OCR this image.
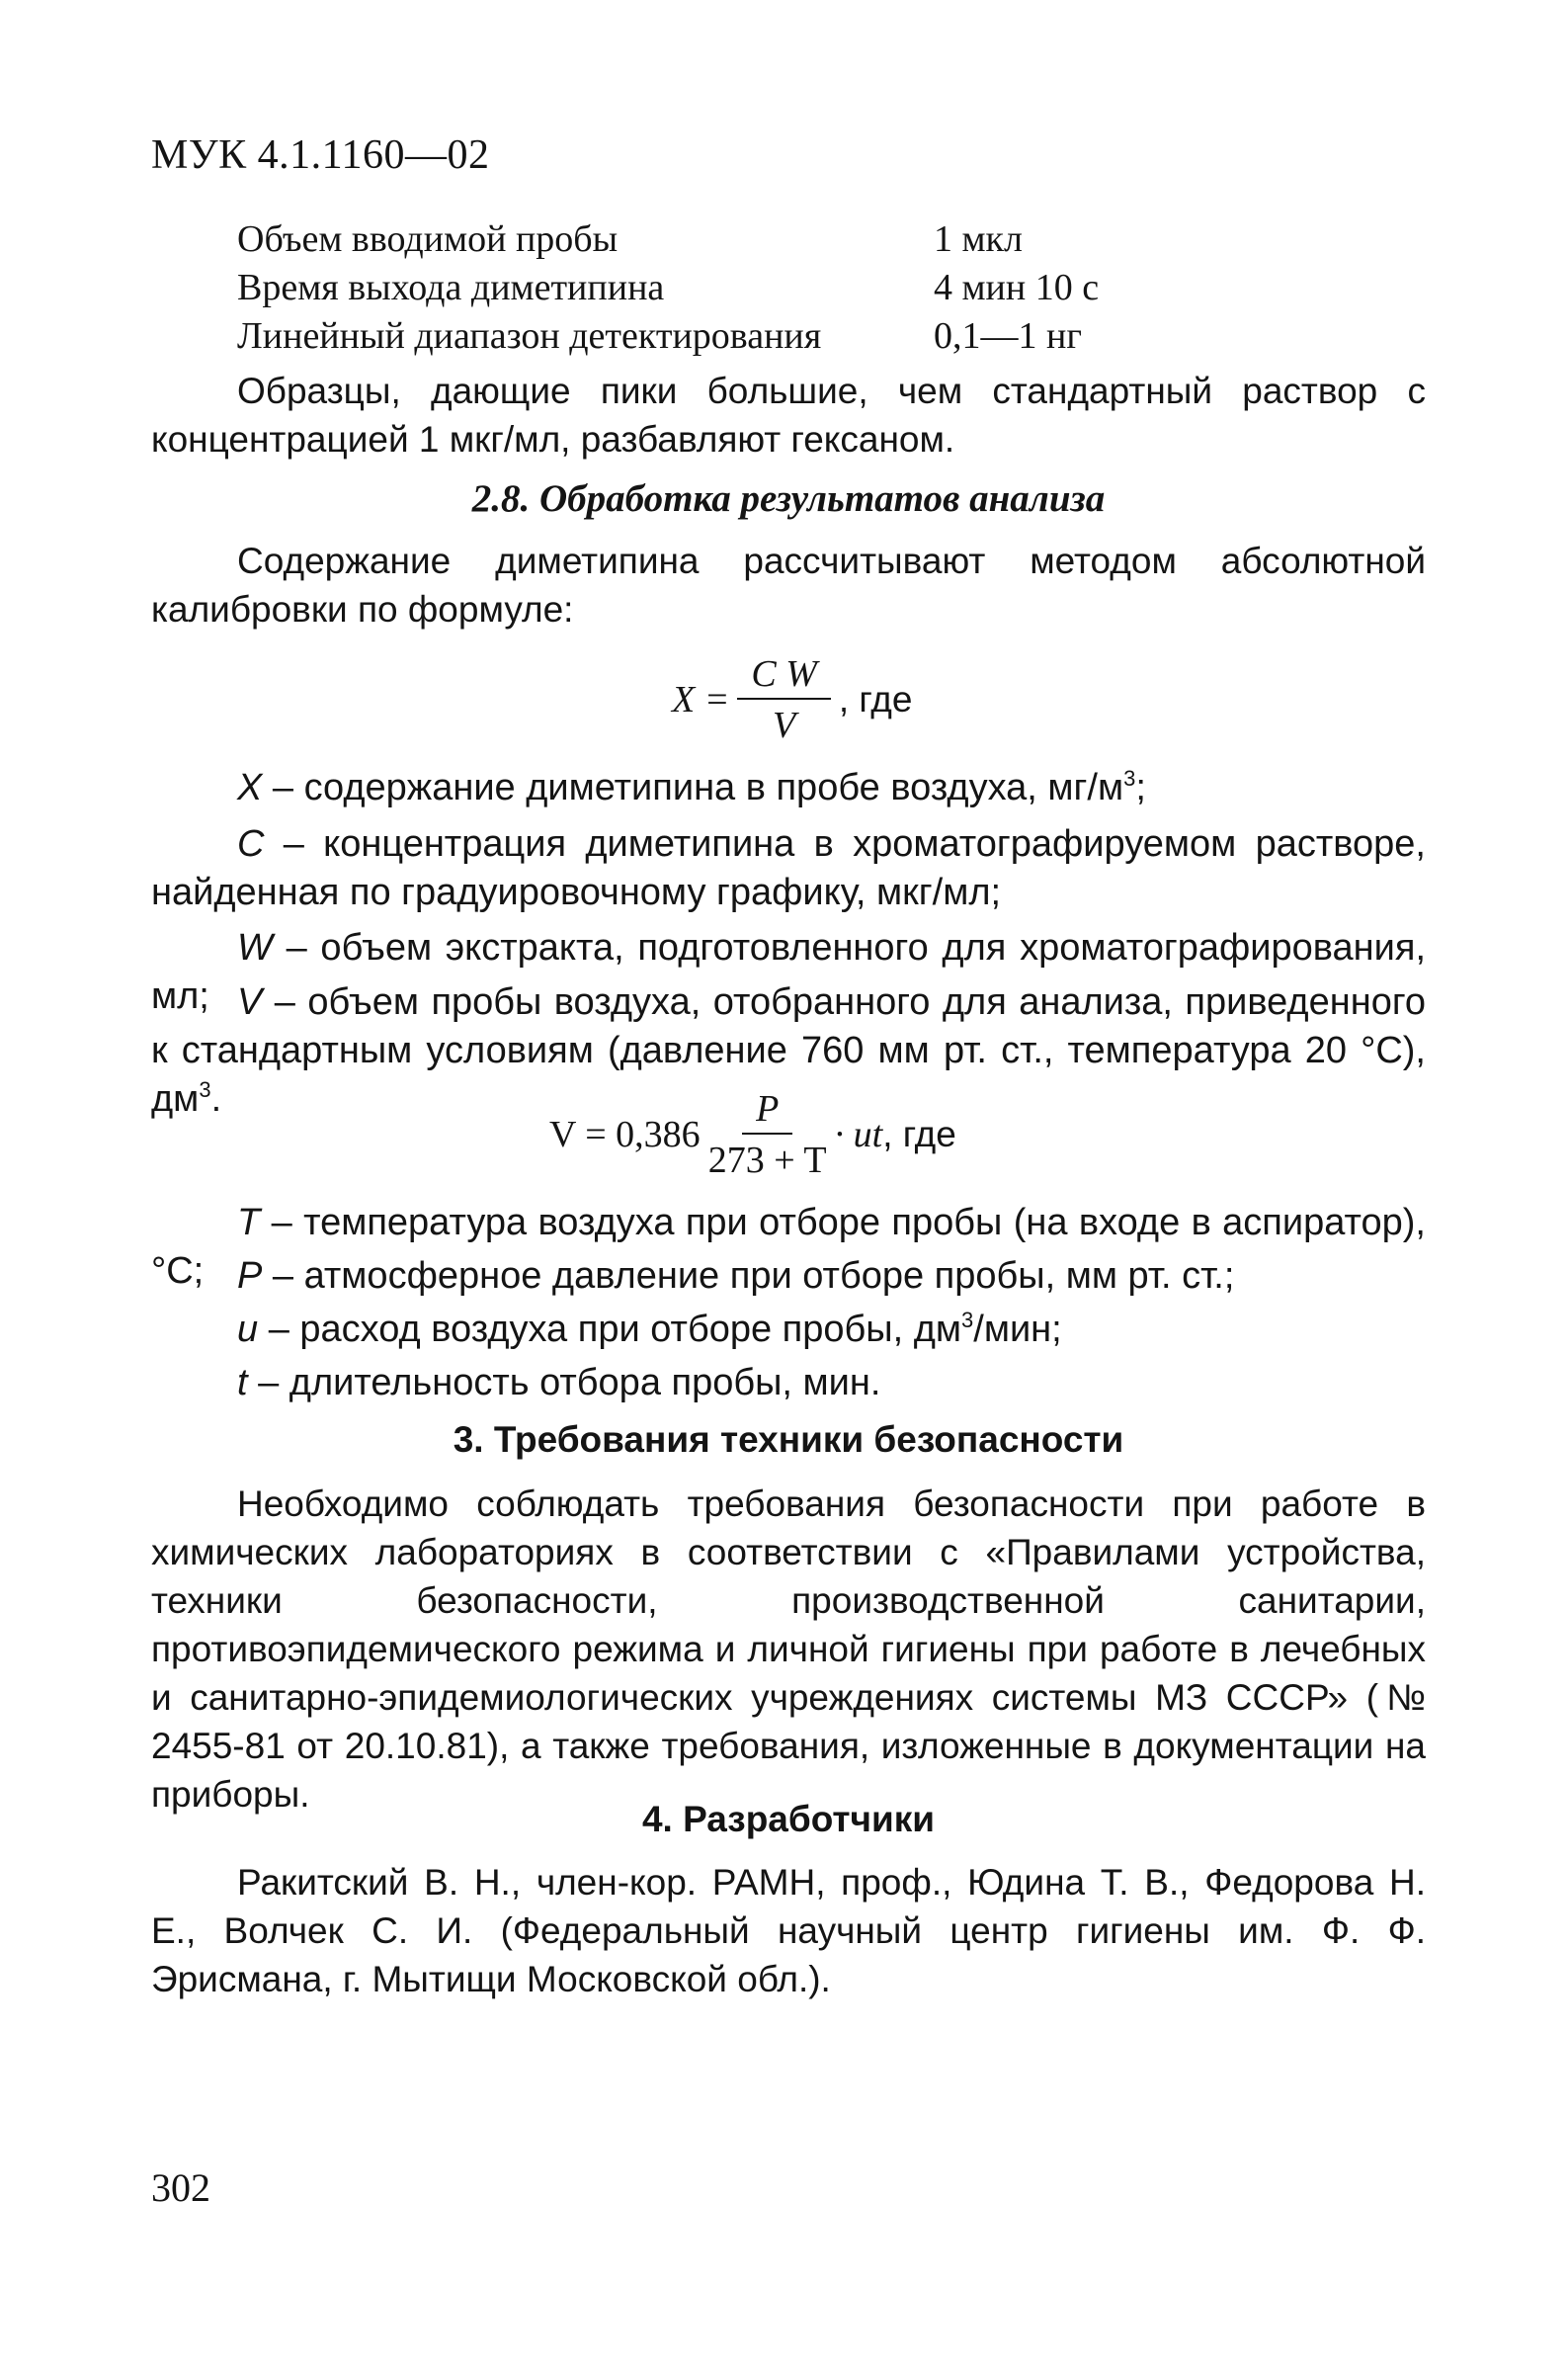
МУК 4.1.1160—02
Объем вводимой пробы	1 мкл
Время выхода диметипина	4 мин 10 с
Линейный диапазон детектирования	0,1—1 нг
Образцы, дающие пики большие, чем стандартный раствор с концентрацией 1 мкг/мл, разбавляют гексаном.
2.8. Обработка результатов анализа
Содержание диметипина рассчитывают методом абсолютной калибровки по формуле:
$X = \frac{\text{C W}}{V}$ , где
X – содержание диметипина в пробе воздуха, $мг/м^3$;
C – концентрация диметипина в хроматографируемом растворе, найденная по градуировочному графику, мкг/мл;
W – объем экстракта, подготовленного для хроматографирования, мл; V – объем пробы воздуха, отобранного для анализа, приведенного к стандартным условиям (давление 760 мм рт. ст., температура 20 °С), $дм^3$.
$V = 0,386 \frac{P}{273 + T}$ · ut , где
T – температура воздуха при отборе пробы (на входе в аспиратор), °С; P – атмосферное давление при отборе пробы, мм рт. ст.;
u – расход воздуха при отборе пробы, $дм^3$/мин;
t – длительность отбора пробы, мин.
3. Требования техники безопасности
Необходимо соблюдать требования безопасности при работе в химических лабораториях в соответствии с «Правилами устройства, техники безопасности, производственной санитарии, противоэпидемического режима и личной гигиены при работе в лечебных и санитарно-эпидемиологических учреждениях системы МЗ СССР» (№ 2455-81 от 20.10.81), а также требования, изложенные в документации на приборы.
4. Разработчики
Ракитский В. Н., член-кор. РАМН, проф., Юдина Т. В., Федорова Н. Е., Волчек С. И. (Федеральный научный центр гигиены им. Ф. Ф. Эрисмана, г. Мытищи Московской обл.).
302
